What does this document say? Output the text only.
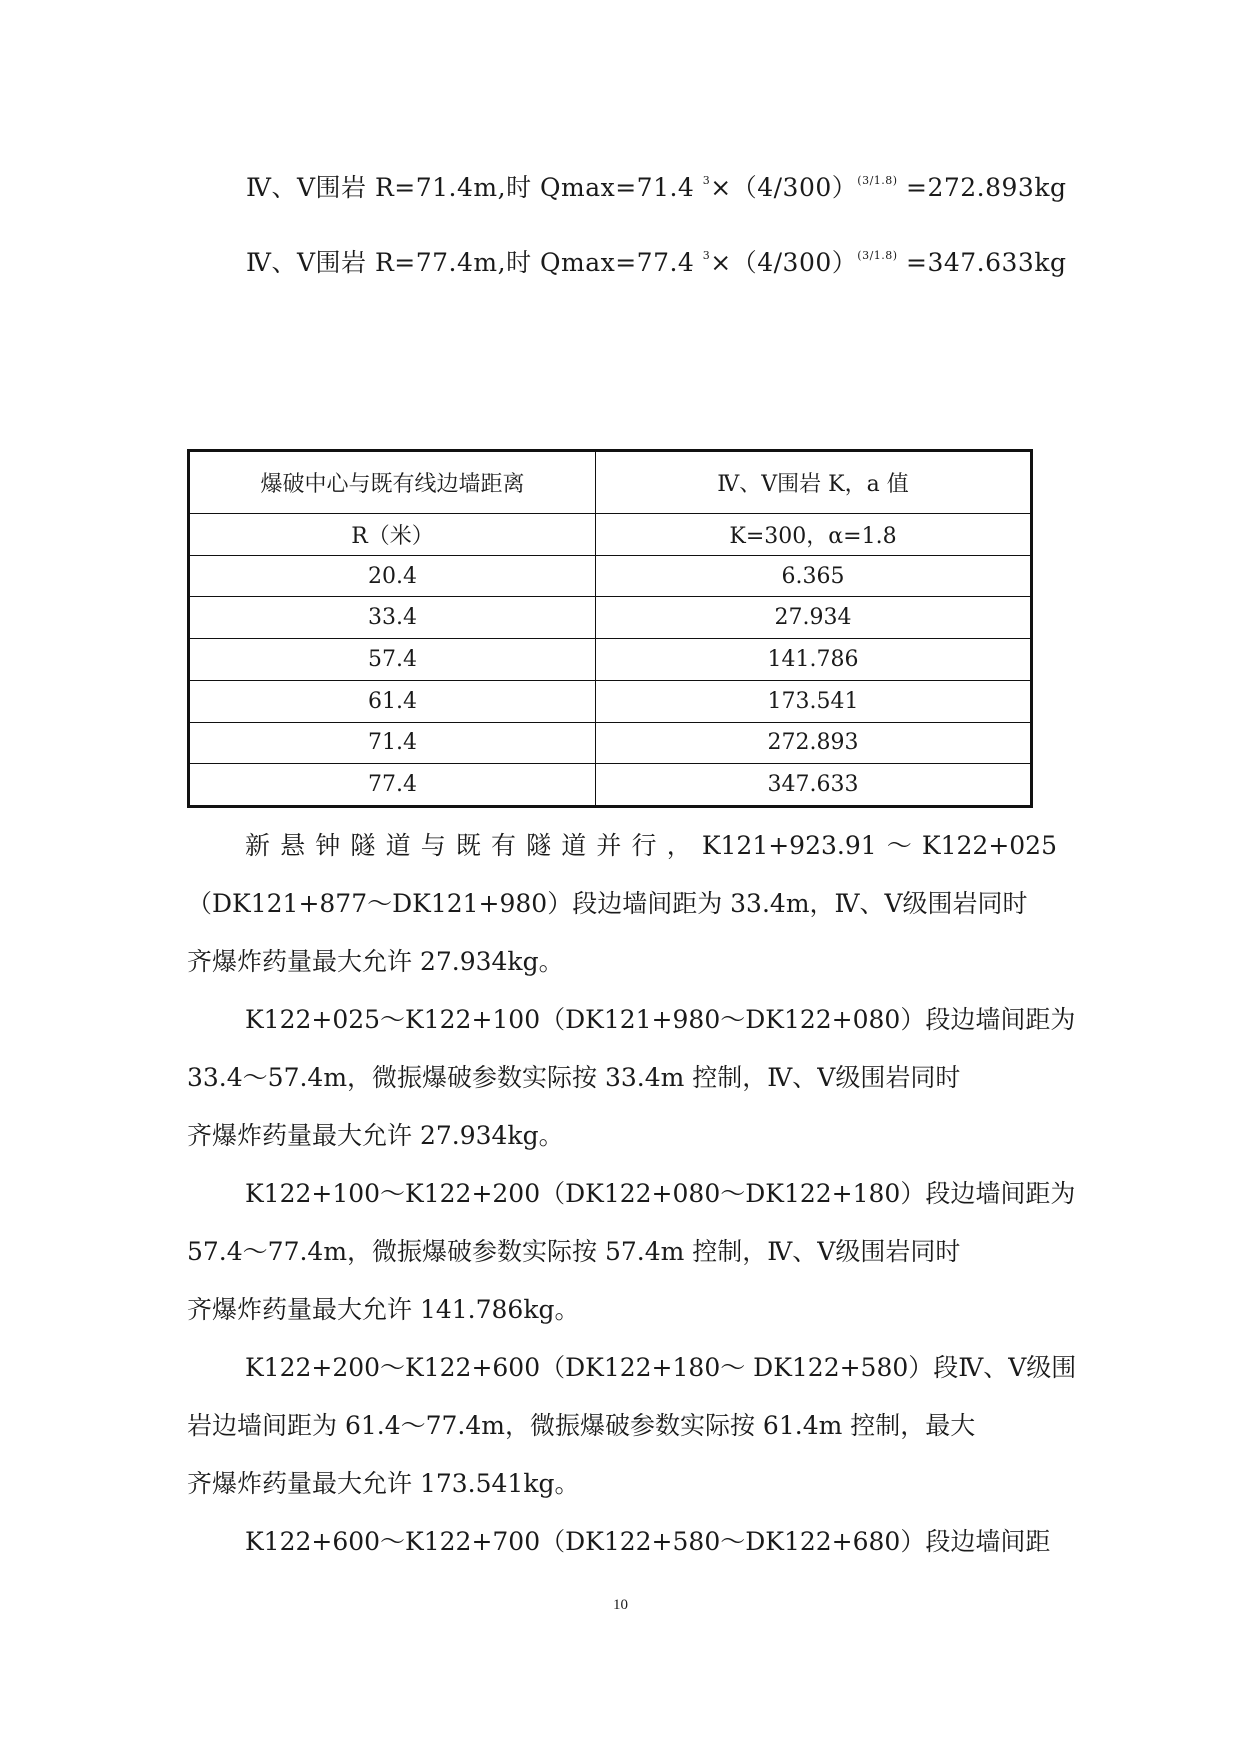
Ⅳ、Ⅴ围岩 R=71.4m,时 Qmax=71.4 $^3\times(4/300)^{(3/1.8)} =272.893kg$
Ⅳ、Ⅴ围岩 R=77.4m,时 Qmax=77.4 $^3\times(4/300)^{(3/1.8)} =347.633kg$
爆破中心与既有线边墙距离	Ⅳ、Ⅴ围岩 K，a 值
R（米）	K=300，α=1.8
20.4	6.365
33.4	27.934
57.4	141.786
61.4	173.541
71.4	272.893
77.4	347.633
新悬钟隧道与既有隧道并行，K121+923.91～K122+025
（DK121+877～DK121+980）段边墙间距为 33.4m，Ⅳ、Ⅴ级围岩同时
齐爆炸药量最大允许 27.934kg。
K122+025～K122+100（DK121+980～DK122+080）段边墙间距为
33.4～57.4m，微振爆破参数实际按 33.4m 控制，Ⅳ、Ⅴ级围岩同时
齐爆炸药量最大允许 27.934kg。
K122+100～K122+200（DK122+080～DK122+180）段边墙间距为
57.4～77.4m，微振爆破参数实际按 57.4m 控制，Ⅳ、Ⅴ级围岩同时
齐爆炸药量最大允许 141.786kg。
K122+200～K122+600（DK122+180～ DK122+580）段Ⅳ、Ⅴ级围
岩边墙间距为 61.4～77.4m，微振爆破参数实际按 61.4m 控制，最大
齐爆炸药量最大允许 173.541kg。
K122+600～K122+700（DK122+580～DK122+680）段边墙间距
10
